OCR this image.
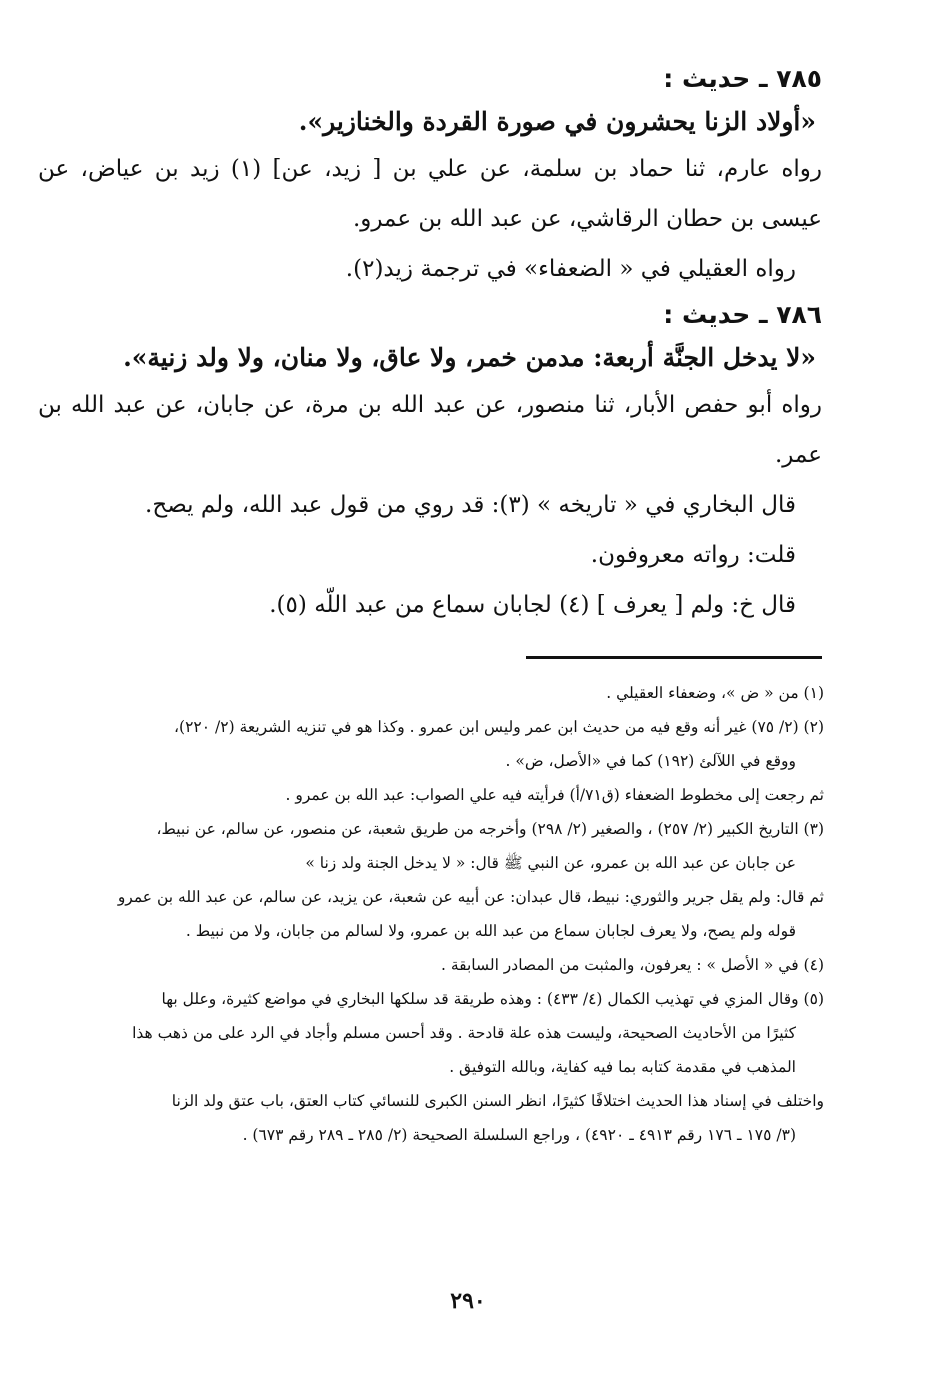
٧٨٥ ـ حديث :

«أولاد الزنا يحشرون في صورة القردة والخنازير».

رواه عارم، ثنا حماد بن سلمة، عن علي بن [ زيد، عن] (١) زيد بن عياض، عن عيسى بن حطان الرقاشي، عن عبد الله بن عمرو.

رواه العقيلي في « الضعفاء» في ترجمة زيد(٢).

٧٨٦ ـ حديث :

«لا يدخل الجنَّة أربعة: مدمن خمر، ولا عاق، ولا منان، ولا ولد زنية».

رواه أبو حفص الأبار، ثنا منصور، عن عبد الله بن مرة، عن جابان، عن عبد الله بن عمر.

قال البخاري في « تاريخه » (٣): قد روي من قول عبد الله، ولم يصح.

قلت: رواته معروفون.

قال خ: ولم [ يعرف ] (٤) لجابان سماع من عبد اللّه (٥).

(١) من « ض »، وضعفاء العقيلي .

(٢) (٢/ ٧٥) غير أنه وقع فيه من حديث ابن عمر وليس ابن عمرو . وكذا هو في تنزيه الشريعة (٢/ ٢٢٠)،

ووقع في اللآلئ (١٩٢) كما في «الأصل، ض» .

ثم رجعت إلى مخطوط الضعفاء (ق٧١/أ) فرأيته فيه علي الصواب: عبد الله بن عمرو .

(٣) التاريخ الكبير (٢/ ٢٥٧) ، والصغير (٢/ ٢٩٨) وأخرجه من طريق شعبة، عن منصور، عن سالم، عن نبيط،

عن جابان عن عبد الله بن عمرو، عن النبي ﷺ قال: « لا يدخل الجنة ولد زنا »

ثم قال: ولم يقل جرير والثوري: نبيط، قال عبدان: عن أبيه عن شعبة، عن يزيد، عن سالم، عن عبد الله بن عمرو

قوله ولم يصح، ولا يعرف لجابان سماع من عبد الله بن عمرو، ولا لسالم من جابان، ولا من نبيط .

(٤) في « الأصل » : يعرفون، والمثبت من المصادر السابقة .

(٥) وقال المزي في تهذيب الكمال (٤/ ٤٣٣) : وهذه طريقة قد سلكها البخاري في مواضع كثيرة، وعلل بها

كثيرًا من الأحاديث الصحيحة، وليست هذه علة قادحة . وقد أحسن مسلم وأجاد في الرد على من ذهب هذا

المذهب في مقدمة كتابه بما فيه كفاية، وبالله التوفيق .

واختلف في إسناد هذا الحديث اختلافًا كثيرًا، انظر السنن الكبرى للنسائي كتاب العتق، باب عتق ولد الزنا

(٣/ ١٧٥ ـ ١٧٦ رقم ٤٩١٣ ـ ٤٩٢٠) ، وراجع السلسلة الصحيحة (٢/ ٢٨٥ ـ ٢٨٩ رقم ٦٧٣) .

٢٩٠
